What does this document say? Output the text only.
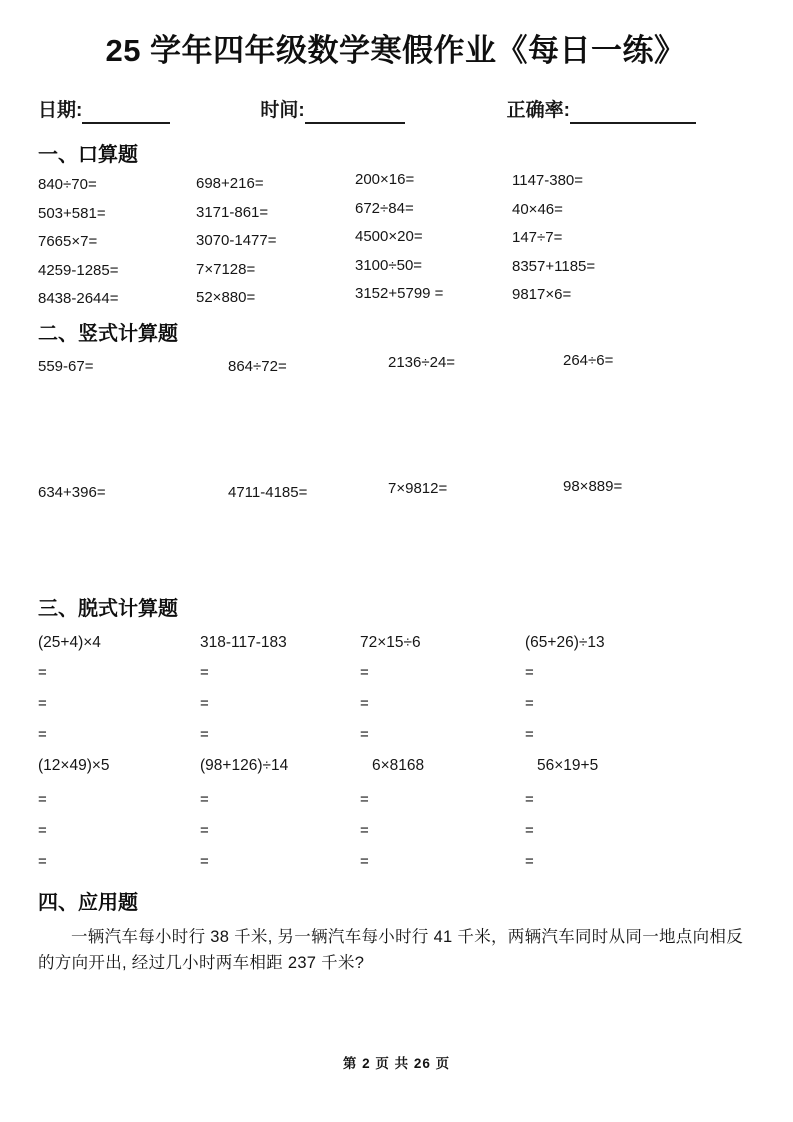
25 学年四年级数学寒假作业《每日一练》
日期:	时间:	正确率:
一、口算题
840÷70=	698+216=	200×16=	1147-380=
503+581=	3171-861=	672÷84=	40×46=
7665×7=	3070-1477=	4500×20=	147÷7=
4259-1285=	7×7128=	3100÷50=	8357+1185=
8438-2644=	52×880=	3152+5799 =	9817×6=
二、竖式计算题
559-67=	864÷72=	2136÷24=	264÷6=
634+396=	4711-4185=	7×9812=	98×889=
三、脱式计算题
(25+4)×4	318-117-183	72×15÷6	(65+26)÷13
=	=	=	=
=	=	=	=
=	=	=	=
(12×49)×5	(98+126)÷14	6×8168	56×19+5
=	=	=	=
=	=	=	=
=	=	=	=
四、应用题

一辆汽车每小时行 38 千米, 另一辆汽车每小时行 41 千米，两辆汽车同时从同一地点向相反的方向开出, 经过几小时两车相距 237 千米?

第 2 页 共 26 页
